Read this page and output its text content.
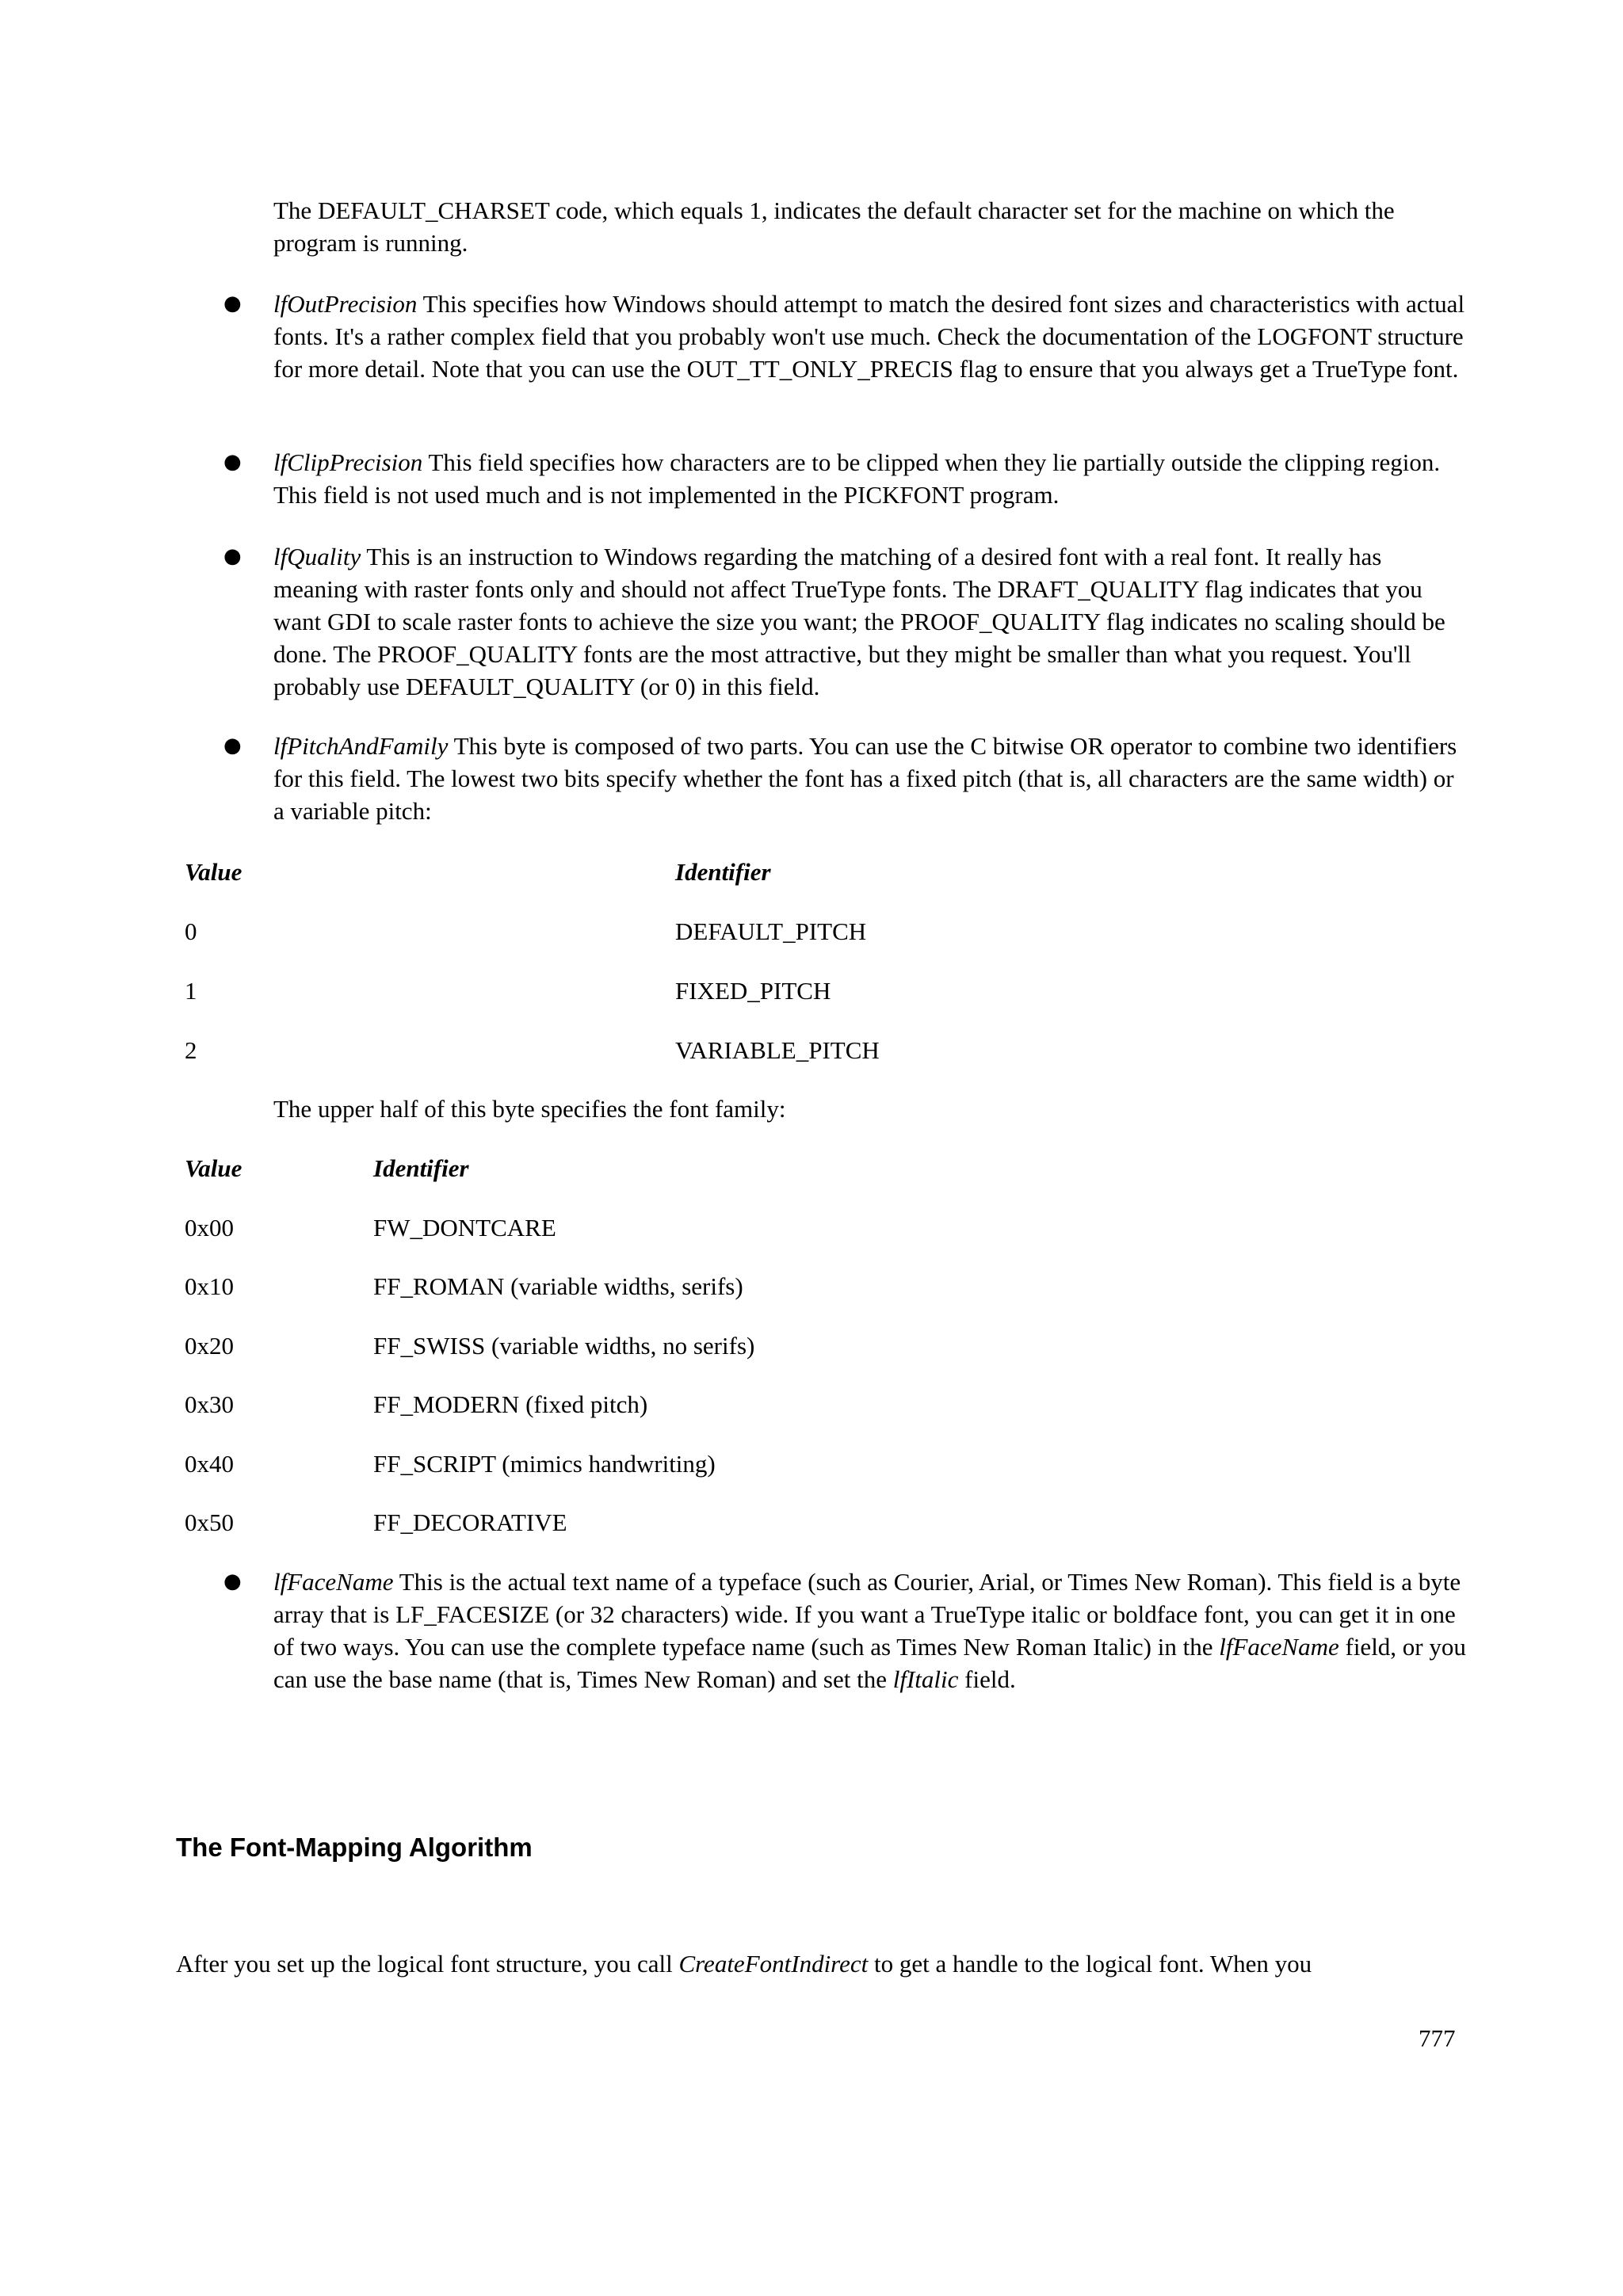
The DEFAULT_CHARSET code, which equals 1, indicates the default character set for the machine on which the program is running.

● lfOutPrecision This specifies how Windows should attempt to match the desired font sizes and characteristics with actual fonts. It's a rather complex field that you probably won't use much. Check the documentation of the LOGFONT structure for more detail. Note that you can use the OUT_TT_ONLY_PRECIS flag to ensure that you always get a TrueType font.
● lfClipPrecision This field specifies how characters are to be clipped when they lie partially outside the clipping region. This field is not used much and is not implemented in the PICKFONT program.
● lfQuality This is an instruction to Windows regarding the matching of a desired font with a real font. It really has meaning with raster fonts only and should not affect TrueType fonts. The DRAFT_QUALITY flag indicates that you want GDI to scale raster fonts to achieve the size you want; the PROOF_QUALITY flag indicates no scaling should be done. The PROOF_QUALITY fonts are the most attractive, but they might be smaller than what you request. You'll probably use DEFAULT_QUALITY (or 0) in this field.
● lfPitchAndFamily This byte is composed of two parts. You can use the C bitwise OR operator to combine two identifiers for this field. The lowest two bits specify whether the font has a fixed pitch (that is, all characters are the same width) or a variable pitch:
Value	Identifier
0	DEFAULT_PITCH
1	FIXED_PITCH
2	VARIABLE_PITCH

The upper half of this byte specifies the font family:

Value	Identifier
0x00	FW_DONTCARE
0x10	FF_ROMAN (variable widths, serifs)
0x20	FF_SWISS (variable widths, no serifs)
0x30	FF_MODERN (fixed pitch)
0x40	FF_SCRIPT (mimics handwriting)
0x50	FF_DECORATIVE
● lfFaceName This is the actual text name of a typeface (such as Courier, Arial, or Times New Roman). This field is a byte array that is LF_FACESIZE (or 32 characters) wide. If you want a TrueType italic or boldface font, you can get it in one of two ways. You can use the complete typeface name (such as Times New Roman Italic) in the lfFaceName field, or you can use the base name (that is, Times New Roman) and set the lfItalic field.
The Font-Mapping Algorithm
After you set up the logical font structure, you call CreateFontIndirect to get a handle to the logical font. When you
777
